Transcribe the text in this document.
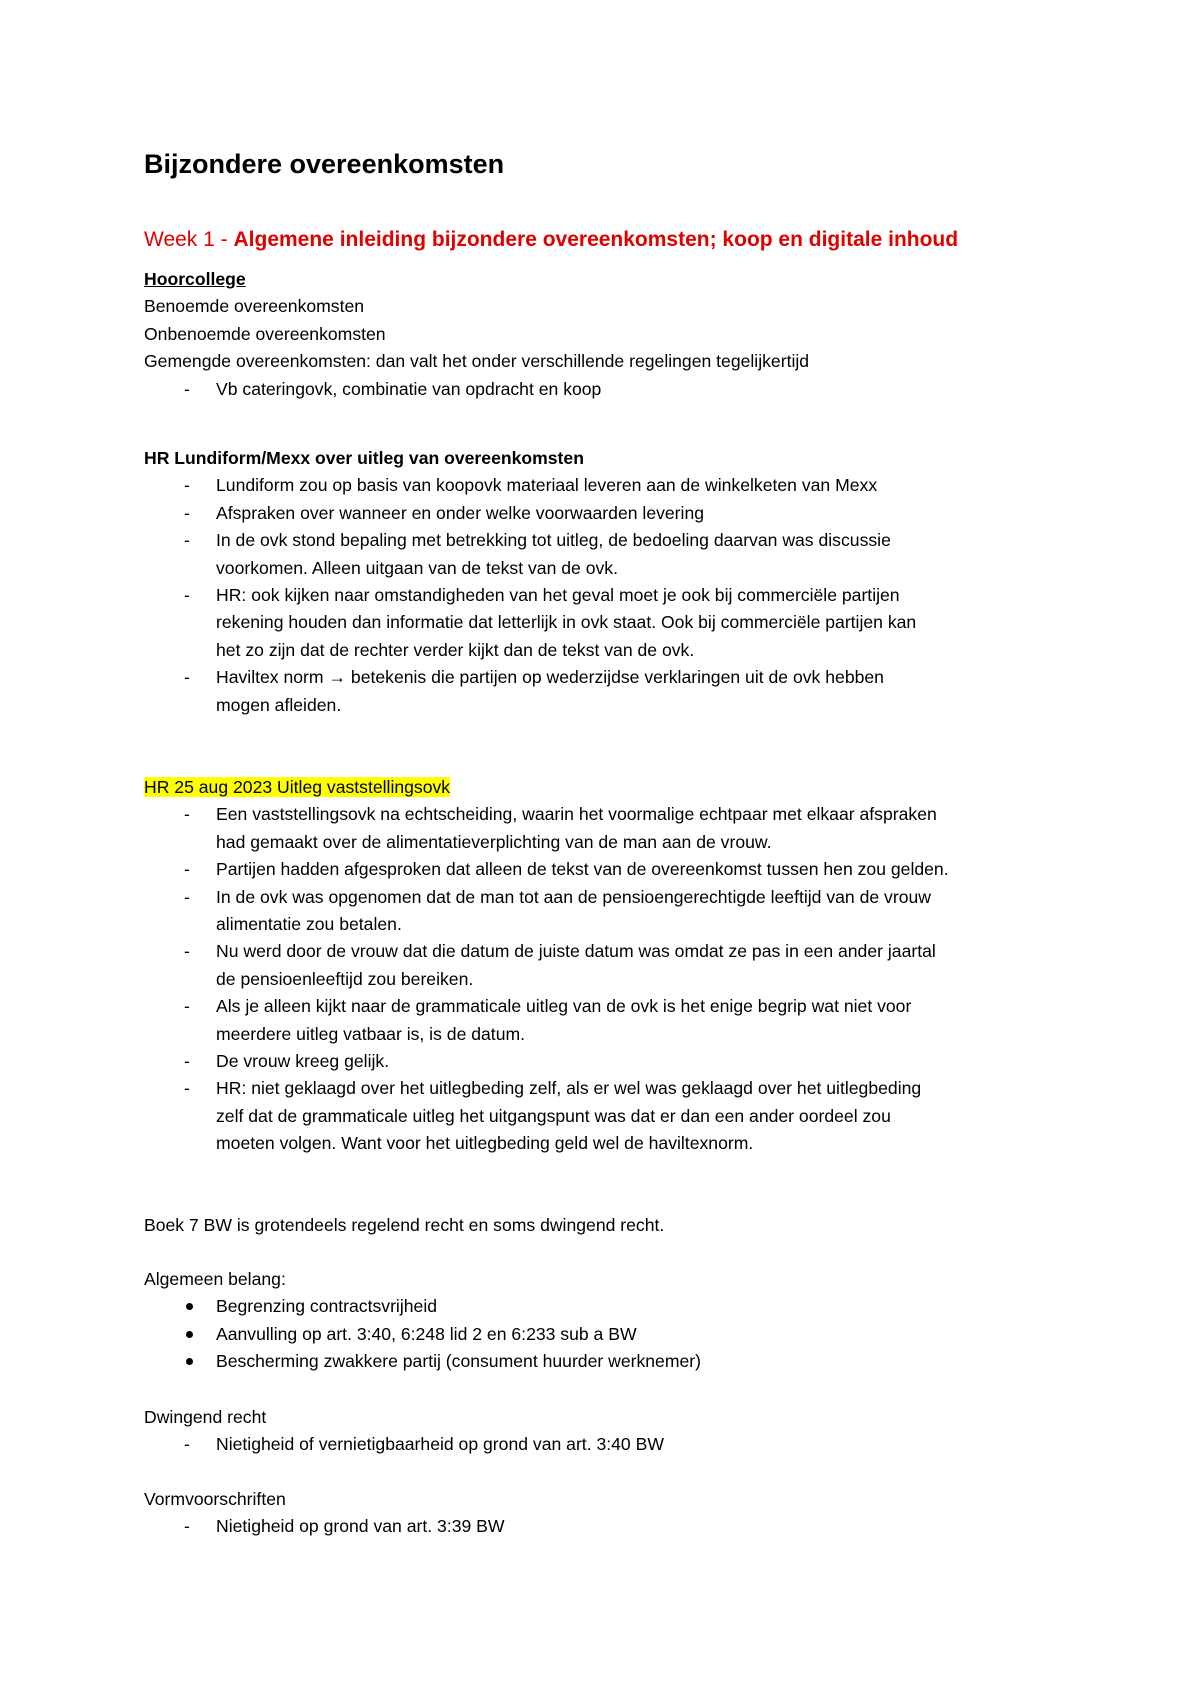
Bijzondere overeenkomsten
Week 1 - Algemene inleiding bijzondere overeenkomsten; koop en digitale inhoud

Hoorcollege

Benoemde overeenkomsten

Onbenoemde overeenkomsten

Gemengde overeenkomsten: dan valt het onder verschillende regelingen tegelijkertijd

- Vb cateringovk, combinatie van opdracht en koop

HR Lundiform/Mexx over uitleg van overeenkomsten

- Lundiform zou op basis van koopovk materiaal leveren aan de winkelketen van Mexx
- Afspraken over wanneer en onder welke voorwaarden levering
- In de ovk stond bepaling met betrekking tot uitleg, de bedoeling daarvan was discussie
voorkomen. Alleen uitgaan van de tekst van de ovk.
- HR: ook kijken naar omstandigheden van het geval moet je ook bij commerciële partijen
rekening houden dan informatie dat letterlijk in ovk staat. Ook bij commerciële partijen kan
het zo zijn dat de rechter verder kijkt dan de tekst van de ovk.
- Haviltex norm → betekenis die partijen op wederzijdse verklaringen uit de ovk hebben
mogen afleiden.

HR 25 aug 2023 Uitleg vaststellingsovk

- Een vaststellingsovk na echtscheiding, waarin het voormalige echtpaar met elkaar afspraken
had gemaakt over de alimentatieverplichting van de man aan de vrouw.
- Partijen hadden afgesproken dat alleen de tekst van de overeenkomst tussen hen zou gelden.
- In de ovk was opgenomen dat de man tot aan de pensioengerechtigde leeftijd van de vrouw
alimentatie zou betalen.
- Nu werd door de vrouw dat die datum de juiste datum was omdat ze pas in een ander jaartal
de pensioenleeftijd zou bereiken.
- Als je alleen kijkt naar de grammaticale uitleg van de ovk is het enige begrip wat niet voor
meerdere uitleg vatbaar is, is de datum.
- De vrouw kreeg gelijk.
- HR: niet geklaagd over het uitlegbeding zelf, als er wel was geklaagd over het uitlegbeding
zelf dat de grammaticale uitleg het uitgangspunt was dat er dan een ander oordeel zou
moeten volgen. Want voor het uitlegbeding geld wel de haviltexnorm.

Boek 7 BW is grotendeels regelend recht en soms dwingend recht.

Algemeen belang:

Begrenzing contractsvrijheid
Aanvulling op art. 3:40, 6:248 lid 2 en 6:233 sub a BW
Bescherming zwakkere partij (consument huurder werknemer)

Dwingend recht

- Nietigheid of vernietigbaarheid op grond van art. 3:40 BW

Vormvoorschriften

- Nietigheid op grond van art. 3:39 BW
